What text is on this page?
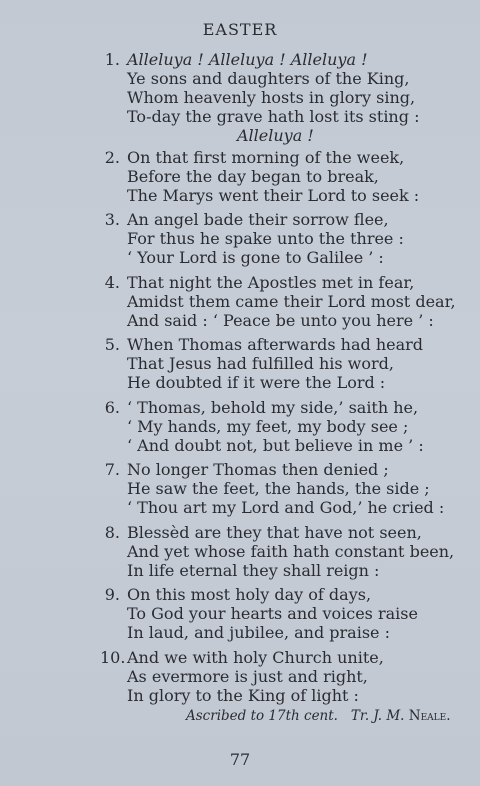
EASTER
1. Alleluya ! Alleluya ! Alleluya !
Ye sons and daughters of the King,
Whom heavenly hosts in glory sing,
To-day the grave hath lost its sting :
Alleluya !
2. On that first morning of the week,
Before the day began to break,
The Marys went their Lord to seek :
3. An angel bade their sorrow flee,
For thus he spake unto the three :
‘ Your Lord is gone to Galilee ’ :
4. That night the Apostles met in fear,
Amidst them came their Lord most dear,
And said : ‘ Peace be unto you here ’ :
5. When Thomas afterwards had heard
That Jesus had fulfilled his word,
He doubted if it were the Lord :
6. ‘ Thomas, behold my side,’ saith he,
‘ My hands, my feet, my body see ;
‘ And doubt not, but believe in me ’ :
7. No longer Thomas then denied ;
He saw the feet, the hands, the side ;
‘ Thou art my Lord and God,’ he cried :
8. Blessèd are they that have not seen,
And yet whose faith hath constant been,
In life eternal they shall reign :
9. On this most holy day of days,
To God your hearts and voices raise
In laud, and jubilee, and praise :
10. And we with holy Church unite,
As evermore is just and right,
In glory to the King of light :
Ascribed to 17th cent. Tr. J. M. Neale.
77
